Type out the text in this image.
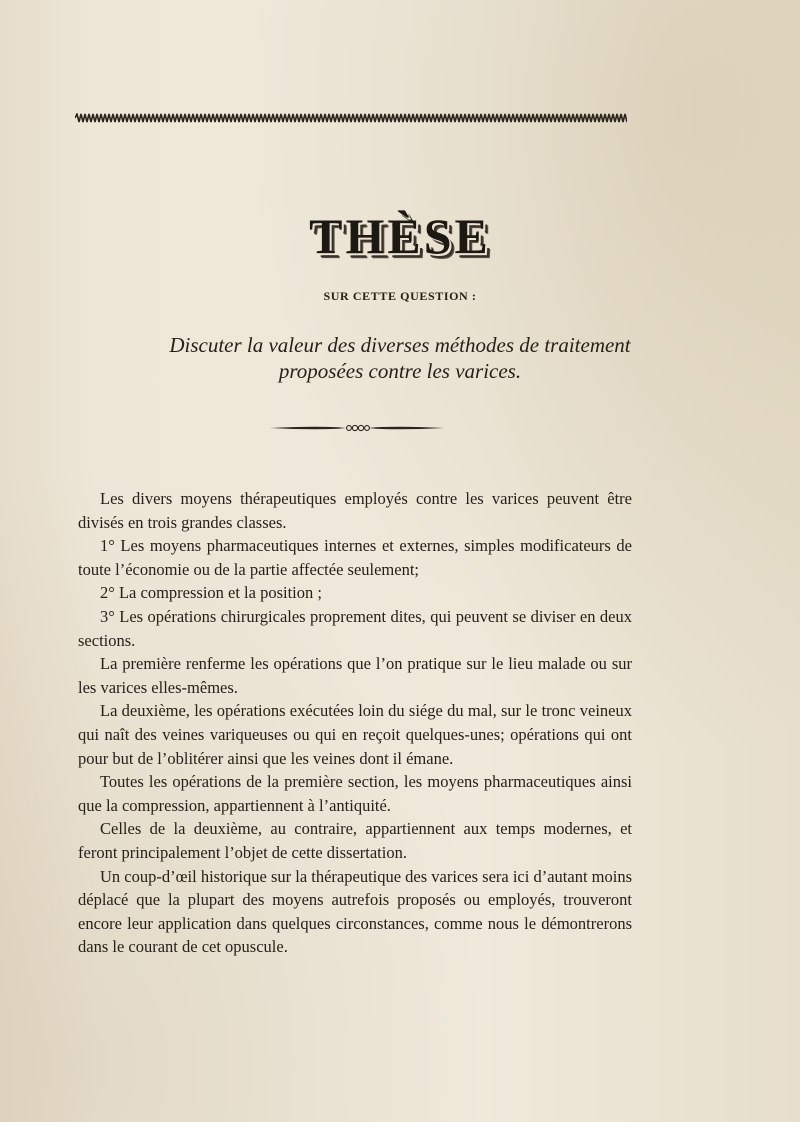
THÈSE
SUR CETTE QUESTION :
Discuter la valeur des diverses méthodes de traitement
proposées contre les varices.

Les divers moyens thérapeutiques employés contre les varices peuvent être divisés en trois grandes classes.

1° Les moyens pharmaceutiques internes et externes, simples modificateurs de toute l’économie ou de la partie affectée seulement;

2° La compression et la position ;

3° Les opérations chirurgicales proprement dites, qui peuvent se diviser en deux sections.

La première renferme les opérations que l’on pratique sur le lieu malade ou sur les varices elles-mêmes.

La deuxième, les opérations exécutées loin du siége du mal, sur le tronc veineux qui naît des veines variqueuses ou qui en reçoit quelques-unes; opérations qui ont pour but de l’oblitérer ainsi que les veines dont il émane.

Toutes les opérations de la première section, les moyens pharmaceutiques ainsi que la compression, appartiennent à l’antiquité.

Celles de la deuxième, au contraire, appartiennent aux temps modernes, et feront principalement l’objet de cette dissertation.

Un coup-d’œil historique sur la thérapeutique des varices sera ici d’autant moins déplacé que la plupart des moyens autrefois proposés ou employés, trouveront encore leur application dans quelques circonstances, comme nous le démontrerons dans le courant de cet opuscule.
